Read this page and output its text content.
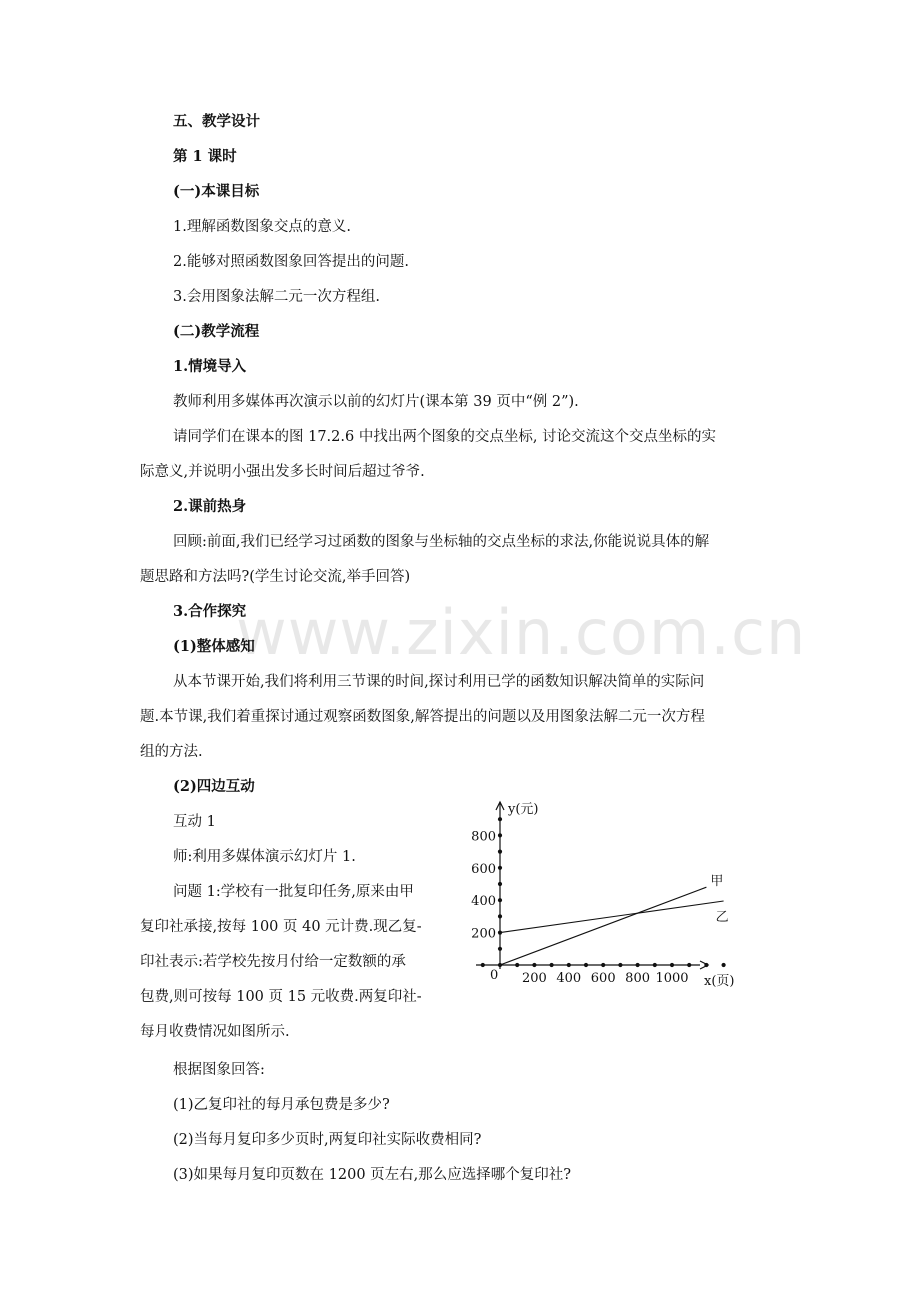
www.zixin.com.cn
五、教学设计
第 1 课时
(一)本课目标
1.理解函数图象交点的意义.
2.能够对照函数图象回答提出的问题.
3.会用图象法解二元一次方程组.
(二)教学流程
1.情境导入
教师利用多媒体再次演示以前的幻灯片(课本第 39 页中“例 2”).
请同学们在课本的图 17.2.6 中找出两个图象的交点坐标, 讨论交流这个交点坐标的实
际意义,并说明小强出发多长时间后超过爷爷.
2.课前热身
回顾:前面,我们已经学习过函数的图象与坐标轴的交点坐标的求法,你能说说具体的解
题思路和方法吗?(学生讨论交流,举手回答)
3.合作探究
(1)整体感知
从本节课开始,我们将利用三节课的时间,探讨利用已学的函数知识解决简单的实际问
题.本节课,我们着重探讨通过观察函数图象,解答提出的问题以及用图象法解二元一次方程
组的方法.
(2)四边互动
互动 1
师:利用多媒体演示幻灯片 1.
问题 1:学校有一批复印任务,原来由甲
复印社承接,按每 100 页 40 元计费.现乙复-
印社表示:若学校先按月付给一定数额的承
包费,则可按每 100 页 15 元收费.两复印社-
每月收费情况如图所示.
根据图象回答:
(1)乙复印社的每月承包费是多少?
(2)当每月复印多少页时,两复印社实际收费相同?
(3)如果每月复印页数在 1200 页左右,那么应选择哪个复印社?
200 400 600 800 1000
200
400
600
800
甲
乙
y(元)
x(页)
0
